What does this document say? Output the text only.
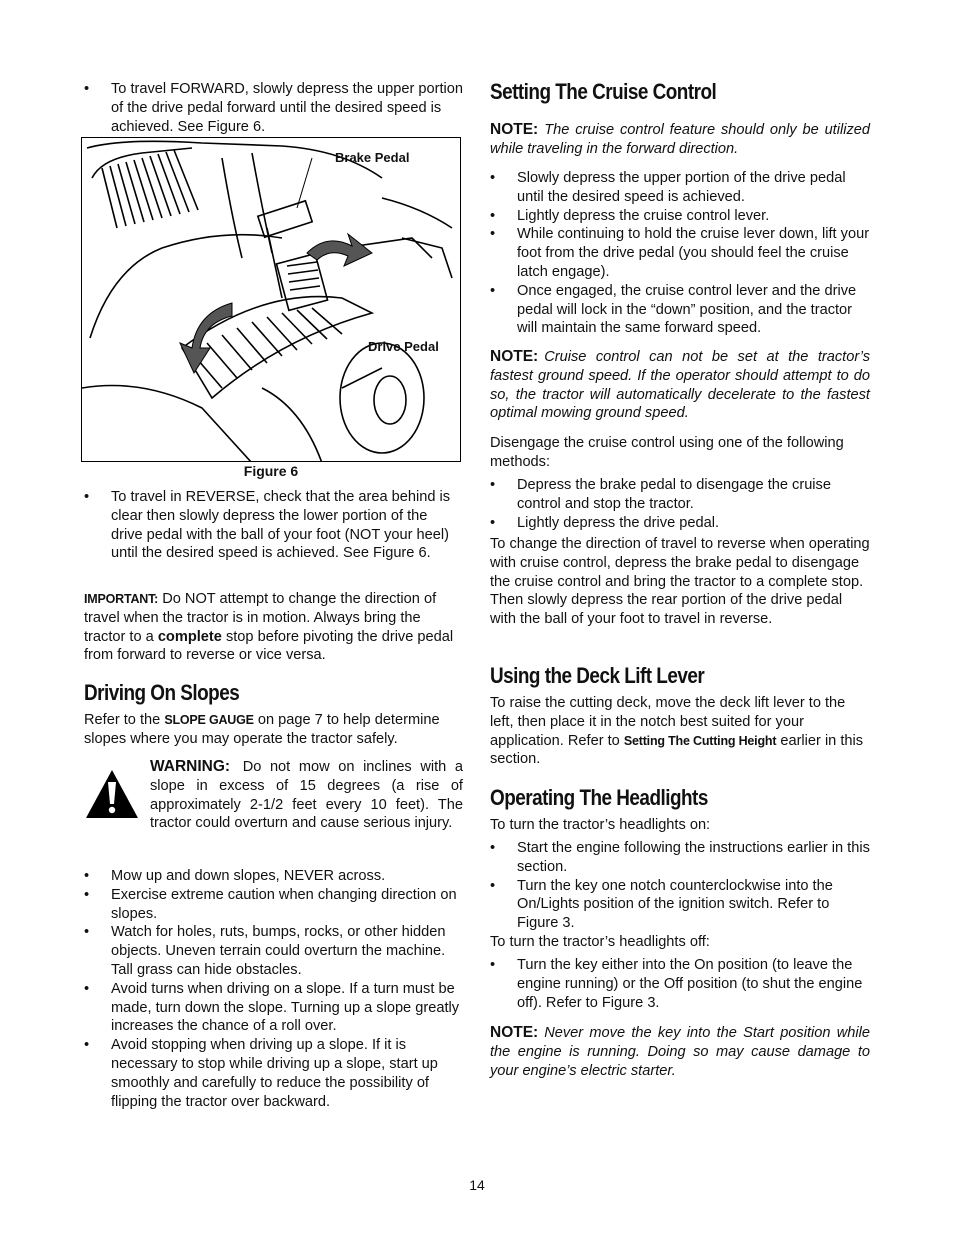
• To travel FORWARD, slowly depress the upper portion of the drive pedal forward until the desired speed is achieved. See Figure 6.
Brake Pedal
Drive Pedal
Figure 6
• To travel in REVERSE, check that the area behind is clear then slowly depress the lower portion of the drive pedal with the ball of your foot (NOT your heel) until the desired speed is achieved. See Figure 6.

IMPORTANT: Do NOT attempt to change the direction of travel when the tractor is in motion. Always bring the tractor to a complete stop before pivoting the drive pedal from forward to reverse or vice versa.

Driving On Slopes

Refer to the SLOPE GAUGE on page 7 to help determine slopes where you may operate the tractor safely.

WARNING: Do not mow on inclines with a slope in excess of 15 degrees (a rise of approximately 2-1/2 feet every 10 feet). The tractor could overturn and cause serious injury.

• Mow up and down slopes, NEVER across.
• Exercise extreme caution when changing direction on slopes.
• Watch for holes, ruts, bumps, rocks, or other hidden objects. Uneven terrain could overturn the machine. Tall grass can hide obstacles.
• Avoid turns when driving on a slope. If a turn must be made, turn down the slope. Turning up a slope greatly increases the chance of a roll over.
• Avoid stopping when driving up a slope. If it is necessary to stop while driving up a slope, start up smoothly and carefully to reduce the possibility of flipping the tractor over backward.
Setting The Cruise Control

NOTE: The cruise control feature should only be utilized while traveling in the forward direction.

• Slowly depress the upper portion of the drive pedal until the desired speed is achieved.
• Lightly depress the cruise control lever.
• While continuing to hold the cruise lever down, lift your foot from the drive pedal (you should feel the cruise latch engage).
• Once engaged, the cruise control lever and the drive pedal will lock in the “down” position, and the tractor will maintain the same forward speed.

NOTE: Cruise control can not be set at the tractor’s fastest ground speed. If the operator should attempt to do so, the tractor will automatically decelerate to the fastest optimal mowing ground speed.

Disengage the cruise control using one of the following methods:

• Depress the brake pedal to disengage the cruise control and stop the tractor.
• Lightly depress the drive pedal.

To change the direction of travel to reverse when operating with cruise control, depress the brake pedal to disengage the cruise control and bring the tractor to a complete stop. Then slowly depress the rear portion of the drive pedal with the ball of your foot to travel in reverse.

Using the Deck Lift Lever

To raise the cutting deck, move the deck lift lever to the left, then place it in the notch best suited for your application. Refer to Setting The Cutting Height earlier in this section.

Operating The Headlights

To turn the tractor’s headlights on:

• Start the engine following the instructions earlier in this section.
• Turn the key one notch counterclockwise into the On/Lights position of the ignition switch. Refer to Figure 3.

To turn the tractor’s headlights off:

• Turn the key either into the On position (to leave the engine running) or the Off position (to shut the engine off). Refer to Figure 3.

NOTE: Never move the key into the Start position while the engine is running. Doing so may cause damage to your engine’s electric starter.

14
